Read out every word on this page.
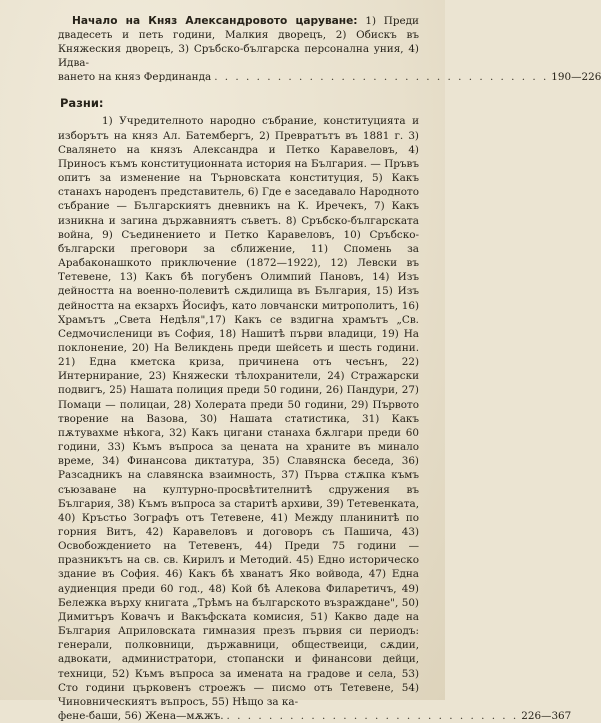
Начало на Княз Александровото царуване: 1) Преди двадесеть и петь години, Малкия дворецъ, 2) Обискъ въ Княжеския дворецъ, 3) Сръбско-българска персонална уния, 4) Идва-

ването на княз Фердинанда . . . . . . . . . . . . . . . . . . . . . . . . . . . . . . . . 190—226
Разни:
1) Учредителното народно събрание, конституцията и изборътъ на княз Ал. Батембергъ, 2) Превратътъ въ 1881 г. 3) Свалянето на князъ Александра и Петко Каравеловъ, 4) Приносъ къмъ конституционната история на България. — Пръвъ опитъ за изменение на Търновската конституция, 5) Какъ станахъ народенъ представитель, 6) Где е заседавало Народното събрание — Българскиятъ дневникъ на К. Иречекъ, 7) Какъ изникна и загина държавниятъ съветъ. 8) Сръбско-българската война, 9) Съединението и Петко Каравеловъ, 10) Сръбско-български преговори за сближение, 11) Спомень за Арабаконашкото приключение (1872—1922), 12) Левски въ Тетевене, 13) Какъ бѣ погубенъ Олимпий Пановъ, 14) Изъ дейността на военно-полевитѣ сѫдилища въ България, 15) Изъ дейността на екзархъ Йосифъ, като ловчански митрополитъ, 16) Храмътъ „Света Недѣля",17) Какъ се вздигна храмътъ „Св. Седмочисленици въ София, 18) Нашитѣ първи владици, 19) На поклонение, 20) На Великдень преди шейсеть и шесть години. 21) Една кметска криза, причинена отъ чесънъ, 22) Интернирание, 23) Княжески тѣлохранители, 24) Стражарски подвигъ, 25) Нашата полиция преди 50 години, 26) Пандури, 27) Помаци — полицаи, 28) Холерата преди 50 години, 29) Първото творение на Вазова, 30) Нашата статистика, 31) Какъ пѫтувахме нѣкога, 32) Какъ цигани станаха бѫлгари преди 60 години, 33) Къмъ въпроса за цената на храните въ минало време, 34) Финансова диктатура, 35) Славянска беседа, 36) Разсадникъ на славянска взаимность, 37) Първа стѫпка къмъ съюзаване на културно-просвѣтителнитѣ сдружения въ България, 38) Къмъ въпроса за старитѣ архиви, 39) Тетевенката, 40) Кръстьо Зографъ отъ Тетевене, 41) Между планинитѣ по горния Витъ, 42) Каравеловъ и договоръ съ Пашича, 43) Освобождението на Тетевенъ, 44) Преди 75 години — празникътъ на св. св. Кирилъ и Методий. 45) Едно историческо здание въ София. 46) Какъ бѣ хванатъ Яко войвода, 47) Една аудиенция преди 60 год., 48) Кой бѣ Алекова Филаретичъ, 49) Бележка върху книгата „Трѣмъ на българското възраждане", 50) Димитъръ Ковачъ и Вакъфската комисия, 51) Какво даде на България Априловската гимназия презъ първия си периодъ: генерали, полковници, държавници, обществеици, сѫдии, адвокати, администратори, стопански и финансови дейци, техници, 52) Къмъ въпроса за имената на градове и села, 53) Сто години църковенъ строежъ — писмо отъ Тетевене, 54) Чиновническиятъ въпросъ, 55) Нѣщо за ка-
фене-баши, 56) Жена—мѫжъ. . . . . . . . . . . . . . . . . . . . . . . . . . . . . 226—367
